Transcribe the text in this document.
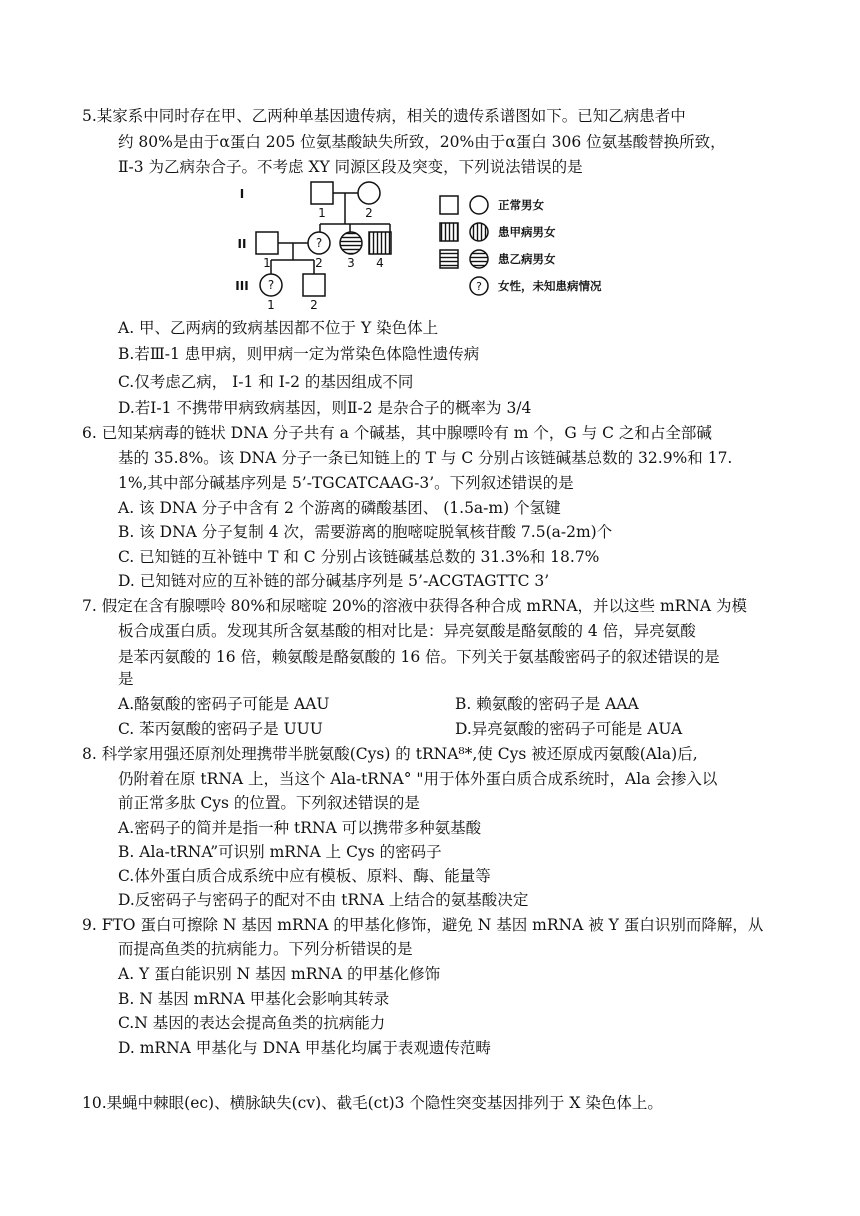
5.某家系中同时存在甲、乙两种单基因遗传病，相关的遗传系谱图如下。已知乙病患者中
约 80%是由于α蛋白 205 位氨基酸缺失所致，20%由于α蛋白 306 位氨基酸替换所致，
Ⅱ-3 为乙病杂合子。不考虑 XY 同源区段及突变，下列说法错误的是
I
II
III
1	2
1	2 3 4
1	2
?
?	?
正常男女
患甲病男女
患乙病男女
女性，未知患病情况
A. 甲、乙两病的致病基因都不位于 Y 染色体上
B.若Ⅲ-1 患甲病，则甲病一定为常染色体隐性遗传病
C.仅考虑乙病， I-1 和 I-2 的基因组成不同
D.若Ⅰ-1 不携带甲病致病基因，则Ⅱ-2 是杂合子的概率为 3/4
6. 已知某病毒的链状 DNA 分子共有 a 个碱基，其中腺嘌呤有 m 个，G 与 C 之和占全部碱
基的 35.8%。该 DNA 分子一条已知链上的 T 与 C 分别占该链碱基总数的 32.9%和 17.
1%,其中部分碱基序列是 5’-TGCATCAAG-3’。下列叙述错误的是
A. 该 DNA 分子中含有 2 个游离的磷酸基团、 (1.5a-m) 个氢键
B. 该 DNA 分子复制 4 次，需要游离的胞嘧啶脱氧核苷酸 7.5(a-2m)个
C. 已知链的互补链中 T 和 C 分别占该链碱基总数的 31.3%和 18.7%
D. 已知链对应的互补链的部分碱基序列是 5’-ACGTAGTTC 3’
7. 假定在含有腺嘌呤 80%和尿嘧啶 20%的溶液中获得各种合成 mRNA，并以这些 mRNA 为模
板合成蛋白质。发现其所含氨基酸的相对比是：异亮氨酸是酪氨酸的 4 倍，异亮氨酸
是苯丙氨酸的 16 倍，赖氨酸是酪氨酸的 16 倍。下列关于氨基酸密码子的叙述错误的是
是
A.酪氨酸的密码子可能是 AAU	B. 赖氨酸的密码子是 AAA
C. 苯丙氨酸的密码子是 UUU	D.异亮氨酸的密码子可能是 AUA
8. 科学家用强还原剂处理携带半胱氨酸(Cys) 的 tRNA⁸*,使 Cys 被还原成丙氨酸(Ala)后,
仍附着在原 tRNA 上，当这个 Ala-tRNA° "用于体外蛋白质合成系统时，Ala 会掺入以
前正常多肽 Cys 的位置。下列叙述错误的是
A.密码子的简并是指一种 tRNA 可以携带多种氨基酸
B. Ala-tRNA”可识别 mRNA 上 Cys 的密码子
C.体外蛋白质合成系统中应有模板、原料、酶、能量等
D.反密码子与密码子的配对不由 tRNA 上结合的氨基酸决定
9. FTO 蛋白可擦除 N 基因 mRNA 的甲基化修饰，避免 N 基因 mRNA 被 Y 蛋白识别而降解，从
而提高鱼类的抗病能力。下列分析错误的是
A. Y 蛋白能识别 N 基因 mRNA 的甲基化修饰
B. N 基因 mRNA 甲基化会影响其转录
C.N 基因的表达会提高鱼类的抗病能力
D. mRNA 甲基化与 DNA 甲基化均属于表观遗传范畴
10.果蝇中棘眼(ec)、横脉缺失(cv)、截毛(ct)3 个隐性突变基因排列于 X 染色体上。
